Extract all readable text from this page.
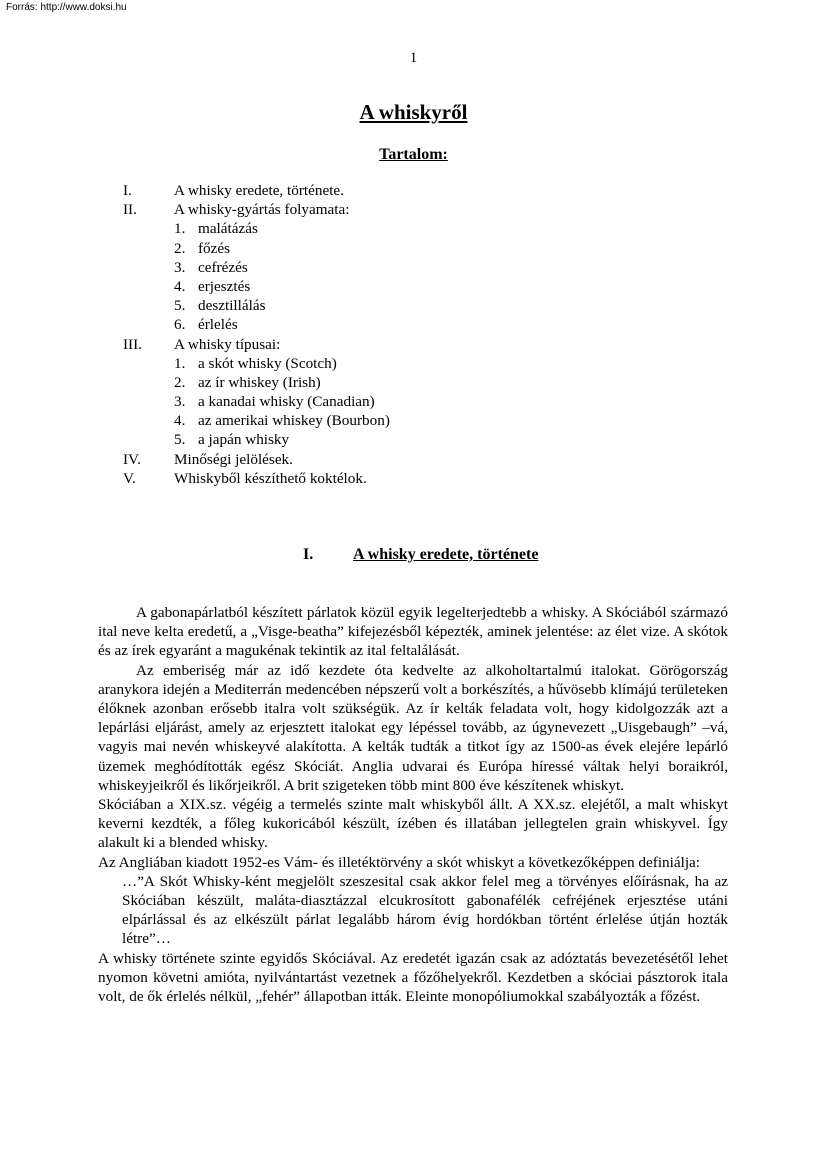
Forrás: http://www.doksi.hu
1
A whiskyről
Tartalom:
I.	A whisky eredete, története.
II. A whisky-gyártás folyamata:
1. malátázás
2. főzés
3. cefrézés
4. erjesztés
5. desztillálás
6. érlelés
III. A whisky típusai:
1. a skót whisky (Scotch)
2. az ír whiskey (Irish)
3. a kanadai whisky (Canadian)
4. az amerikai whiskey (Bourbon)
5. a japán whisky
IV. Minőségi jelölések.
V.	Whiskyből készíthető koktélok.
I. A whisky eredete, története

A gabonapárlatból készített párlatok közül egyik legelterjedtebb a whisky. A Skóciából származó ital neve kelta eredetű, a „Visge-beatha” kifejezésből képezték, aminek jelentése: az élet vize. A skótok és az írek egyaránt a magukénak tekintik az ital feltalálását.

Az emberiség már az idő kezdete óta kedvelte az alkoholtartalmú italokat. Görögország aranykora idején a Mediterrán medencében népszerű volt a borkészítés, a hűvösebb klímájú területeken élőknek azonban erősebb italra volt szükségük. Az ír kelták feladata volt, hogy kidolgozzák azt a lepárlási eljárást, amely az erjesztett italokat egy lépéssel tovább, az úgynevezett „Uisgebaugh” –vá, vagyis mai nevén whiskeyvé alakította. A kelták tudták a titkot így az 1500-as évek elejére lepárló üzemek meghódították egész Skóciát. Anglia udvarai és Európa híressé váltak helyi boraikról, whiskeyjeikről és likőrjeikről. A brit szigeteken több mint 800 éve készítenek whiskyt.

Skóciában a XIX.sz. végéig a termelés szinte malt whiskyből állt. A XX.sz. elejétől, a malt whiskyt keverni kezdték, a főleg kukoricából készült, ízében és illatában jellegtelen grain whiskyvel. Így alakult ki a blended whisky.

Az Angliában kiadott 1952-es Vám- és illetéktörvény a skót whiskyt a következőképpen definiálja:

…”A Skót Whisky-ként megjelölt szeszesital csak akkor felel meg a törvényes előírásnak, ha az Skóciában készült, maláta-diasztázzal elcukrosított gabonafélék cefréjének erjesztése utáni elpárlással és az elkészült párlat legalább három évig hordókban történt érlelése útján hozták létre”…

A whisky története szinte egyidős Skóciával. Az eredetét igazán csak az adóztatás bevezetésétől lehet nyomon követni amióta, nyilvántartást vezetnek a főzőhelyekről. Kezdetben a skóciai pásztorok itala volt, de ők érlelés nélkül, „fehér” állapotban itták. Eleinte monopóliumokkal szabályozták a főzést.
